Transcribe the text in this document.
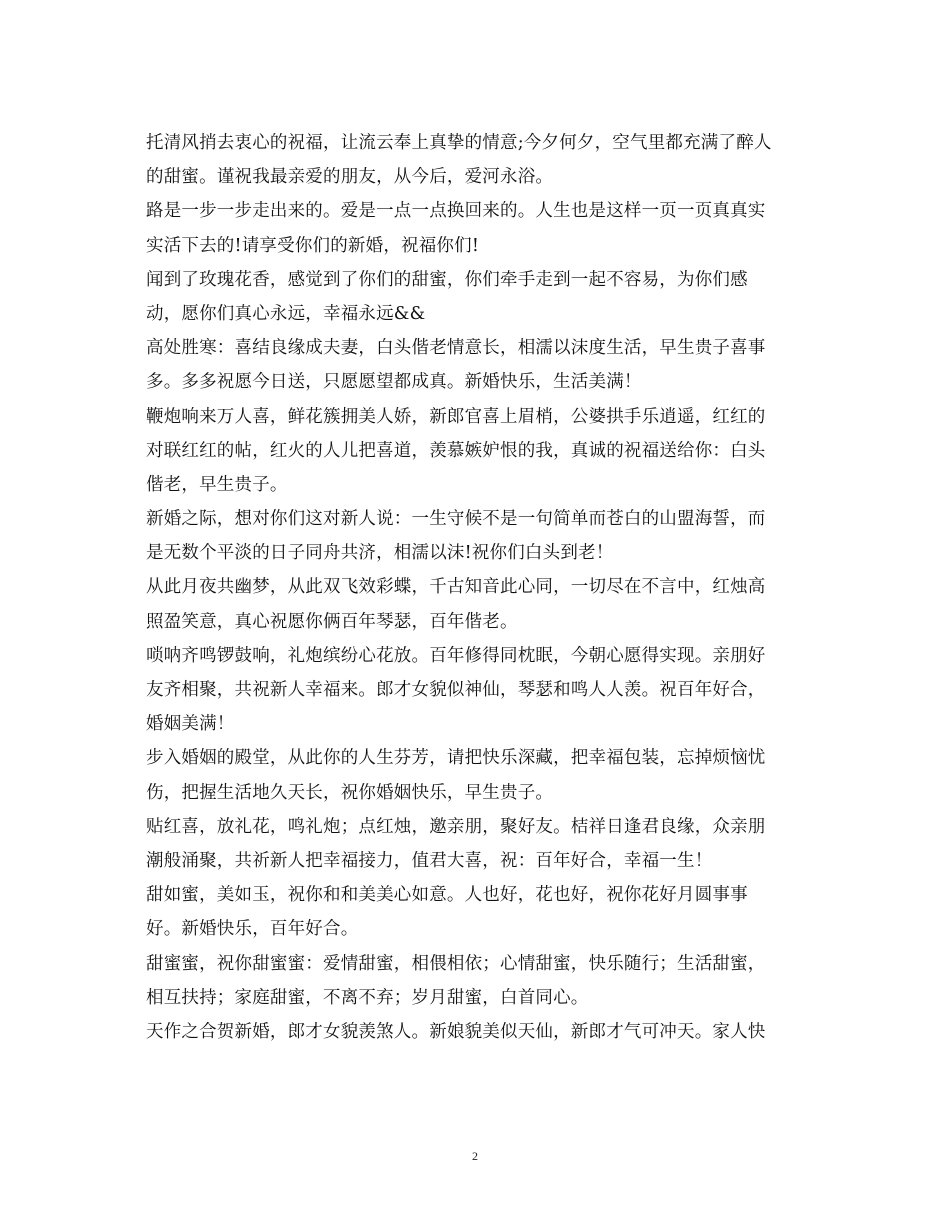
托清风捎去衷心的祝福，让流云奉上真挚的情意;今夕何夕，空气里都充满了醉人
的甜蜜。谨祝我最亲爱的朋友，从今后，爱河永浴。
路是一步一步走出来的。爱是一点一点换回来的。人生也是这样一页一页真真实
实活下去的!请享受你们的新婚，祝福你们!
闻到了玫瑰花香，感觉到了你们的甜蜜，你们牵手走到一起不容易，为你们感
动，愿你们真心永远，幸福永远&&
高处胜寒：喜结良缘成夫妻，白头偕老情意长，相濡以沫度生活，早生贵子喜事
多。多多祝愿今日送，只愿愿望都成真。新婚快乐，生活美满！
鞭炮响来万人喜，鲜花簇拥美人娇，新郎官喜上眉梢，公婆拱手乐逍遥，红红的
对联红红的帖，红火的人儿把喜道，羡慕嫉妒恨的我，真诚的祝福送给你：白头
偕老，早生贵子。
新婚之际，想对你们这对新人说：一生守候不是一句简单而苍白的山盟海誓，而
是无数个平淡的日子同舟共济，相濡以沫!祝你们白头到老！
从此月夜共幽梦，从此双飞效彩蝶，千古知音此心同，一切尽在不言中，红烛高
照盈笑意，真心祝愿你俩百年琴瑟，百年偕老。
唢呐齐鸣锣鼓响，礼炮缤纷心花放。百年修得同枕眠，今朝心愿得实现。亲朋好
友齐相聚，共祝新人幸福来。郎才女貌似神仙，琴瑟和鸣人人羡。祝百年好合，
婚姻美满！
步入婚姻的殿堂，从此你的人生芬芳，请把快乐深藏，把幸福包装，忘掉烦恼忧
伤，把握生活地久天长，祝你婚姻快乐，早生贵子。
贴红喜，放礼花，鸣礼炮；点红烛，邀亲朋，聚好友。桔祥日逢君良缘，众亲朋
潮般涌聚，共祈新人把幸福接力，值君大喜，祝：百年好合，幸福一生！
甜如蜜，美如玉，祝你和和美美心如意。人也好，花也好，祝你花好月圆事事
好。新婚快乐，百年好合。
甜蜜蜜，祝你甜蜜蜜：爱情甜蜜，相偎相依；心情甜蜜，快乐随行；生活甜蜜，
相互扶持；家庭甜蜜，不离不弃；岁月甜蜜，白首同心。
天作之合贺新婚，郎才女貌羡煞人。新娘貌美似天仙，新郎才气可冲天。家人快
2
